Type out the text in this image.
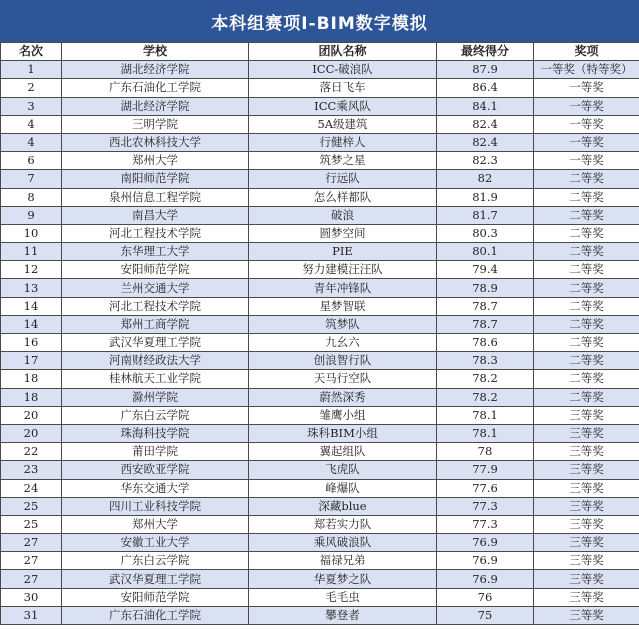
本科组赛项Ⅰ-BIM数字模拟
名次	学校	团队名称	最终得分	奖项
1	湖北经济学院	ICC-破浪队	87.9	一等奖（特等奖）
2	广东石油化工学院	落日飞车	86.4	一等奖
3	湖北经济学院	ICC乘风队	84.1	一等奖
4	三明学院	5A级建筑	82.4	一等奖
4	西北农林科技大学	行健梓人	82.4	一等奖
6	郑州大学	筑梦之星	82.3	一等奖
7	南阳师范学院	行远队	82	二等奖
8	泉州信息工程学院	怎么样都队	81.9	二等奖
9	南昌大学	破浪	81.7	二等奖
10	河北工程技术学院	圆梦空间	80.3	二等奖
11	东华理工大学	PIE	80.1	二等奖
12	安阳师范学院	努力建模汪汪队	79.4	二等奖
13	兰州交通大学	青年冲锋队	78.9	二等奖
14	河北工程技术学院	星梦智联	78.7	二等奖
14	郑州工商学院	筑梦队	78.7	二等奖
16	武汉华夏理工学院	九幺六	78.6	二等奖
17	河南财经政法大学	创浪智行队	78.3	二等奖
18	桂林航天工业学院	天马行空队	78.2	二等奖
18	滁州学院	蔚然深秀	78.2	二等奖
20	广东白云学院	雏鹰小组	78.1	三等奖
20	珠海科技学院	珠科BIM小组	78.1	三等奖
22	莆田学院	翼起组队	78	三等奖
23	西安欧亚学院	飞虎队	77.9	三等奖
24	华东交通大学	峰爆队	77.6	三等奖
25	四川工业科技学院	深藏blue	77.3	三等奖
25	郑州大学	郑若实力队	77.3	三等奖
27	安徽工业大学	乘风破浪队	76.9	三等奖
27	广东白云学院	福禄兄弟	76.9	三等奖
27	武汉华夏理工学院	华夏梦之队	76.9	三等奖
30	安阳师范学院	毛毛虫	76	三等奖
31	广东石油化工学院	攀登者	75	三等奖
